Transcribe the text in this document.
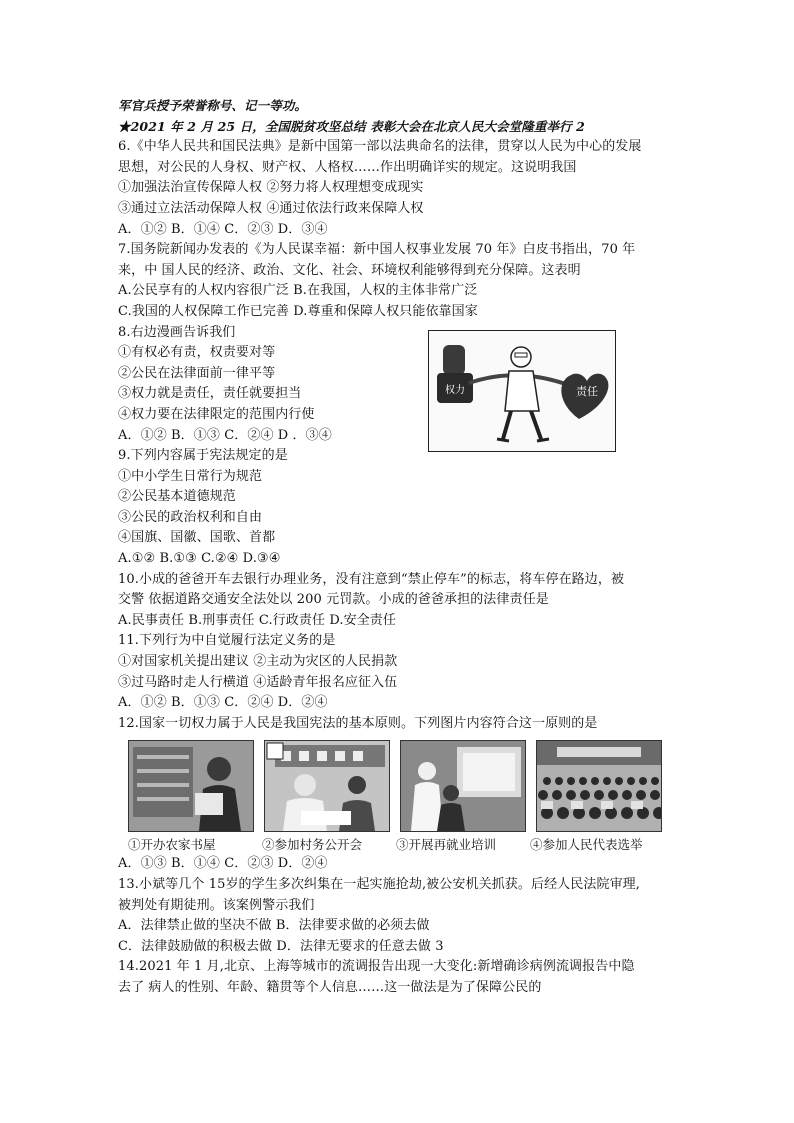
军官兵授予荣誉称号、记一等功。
★2021 年 2 月 25 日，全国脱贫攻坚总结 表彰大会在北京人民大会堂隆重举行 2
6.《中华人民共和国民法典》是新中国第一部以法典命名的法律，贯穿以人民为中心的发展
思想，对公民的人身权、财产权、人格权……作出明确详实的规定。这说明我国
①加强法治宣传保障人权 ②努力将人权理想变成现实
③通过立法活动保障人权 ④通过依法行政来保障人权
A．①② B．①④ C．②③ D．③④
7.国务院新闻办发表的《为人民谋幸福：新中国人权事业发展 70 年》白皮书指出，70 年
来，中 国人民的经济、政治、文化、社会、环境权利能够得到充分保障。这表明
A.公民享有的人权内容很广泛 B.在我国，人权的主体非常广泛
C.我国的人权保障工作已完善 D.尊重和保障人权只能依靠国家
8.右边漫画告诉我们
①有权必有责，权责要对等
②公民在法律面前一律平等
③权力就是责任，责任就要担当
④权力要在法律限定的范围内行使
A．①② B．①③ C．②④ D ．③④
9.下列内容属于宪法规定的是
①中小学生日常行为规范
②公民基本道德规范
③公民的政治权利和自由
④国旗、国徽、国歌、首都
A.①② B.①③ C.②④ D.③④
10.小成的爸爸开车去银行办理业务，没有注意到“禁止停车”的标志，将车停在路边，被
交警 依据道路交通安全法处以 200 元罚款。小成的爸爸承担的法律责任是
A.民事责任 B.刑事责任 C.行政责任 D.安全责任
11.下列行为中自觉履行法定义务的是
①对国家机关提出建议 ②主动为灾区的人民捐款
③过马路时走人行横道 ④适龄青年报名应征入伍
A．①② B．①③ C．②④ D．②④
12.国家一切权力属于人民是我国宪法的基本原则。下列图片内容符合这一原则的是
①开办农家书屋	②参加村务公开会	③开展再就业培训	④参加人民代表选举
A．①③ B．①④ C．②③ D．②④
13.小斌等几个 15岁的学生多次纠集在一起实施抢劫,被公安机关抓获。后经人民法院审理,
被判处有期徒刑。该案例警示我们
A．法律禁止做的坚决不做 B．法律要求做的必须去做
C．法律鼓励做的积极去做 D．法律无要求的任意去做 3
14.2021 年 1 月,北京、上海等城市的流调报告出现一大变化:新增确诊病例流调报告中隐
去了 病人的性别、年龄、籍贯等个人信息……这一做法是为了保障公民的
权力	责任
